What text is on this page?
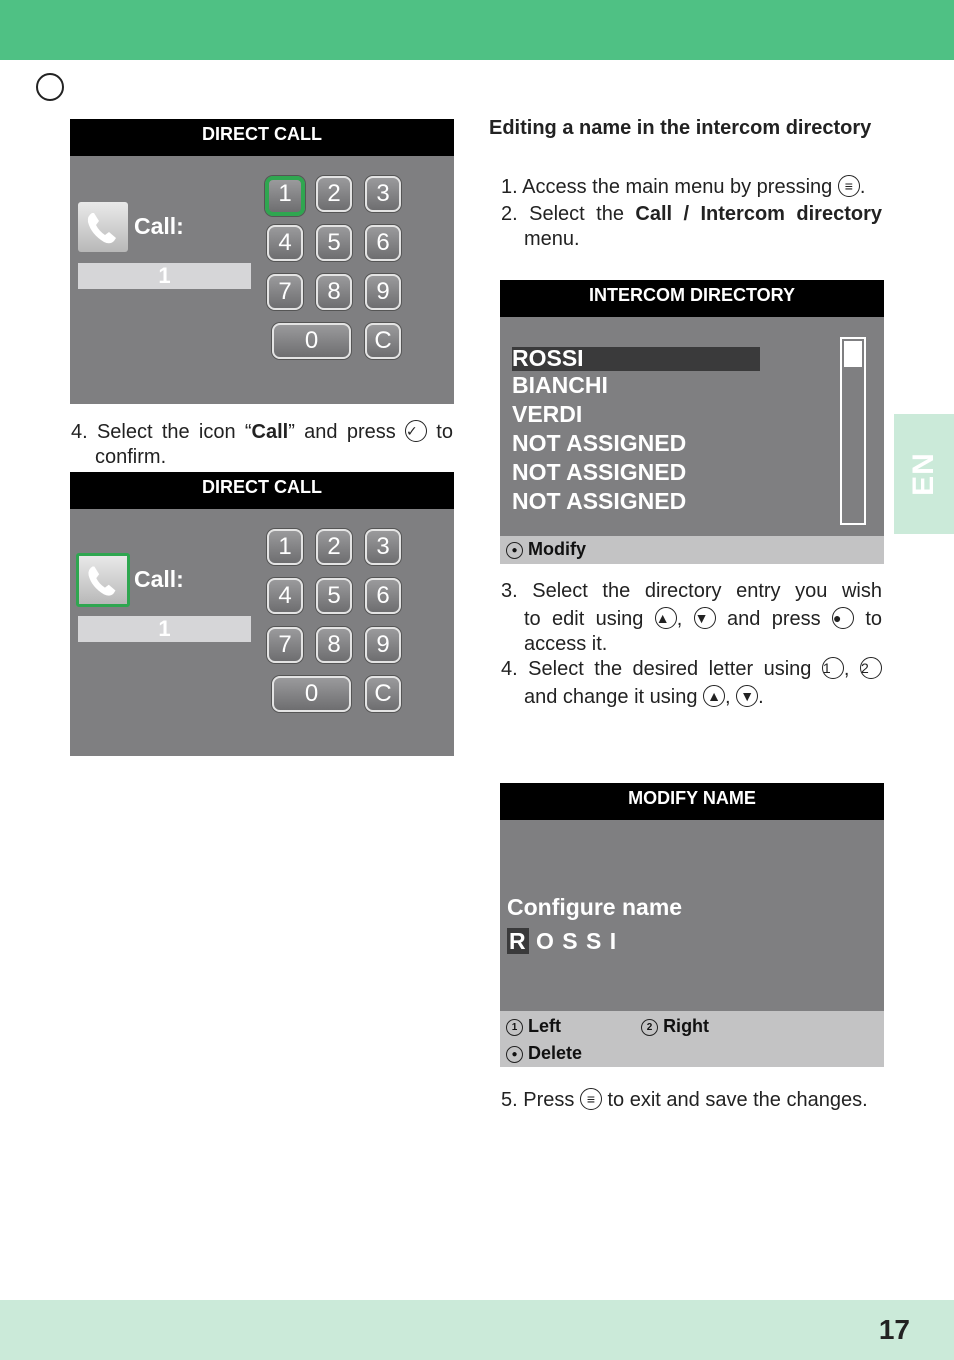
EN
DIRECT CALL
Call:
1
1	2	3
4	5	6
7	8	9
0	C
4. Select the icon “Call” and press ✓ to
confirm.
DIRECT CALL
Call:
1
1	2	3
4	5	6
7	8	9
0	C
Editing a name in the intercom directory
1. Access the main menu by pressing ≡ .
2. Select the Call / Intercom directory
menu.
INTERCOM DIRECTORY
ROSSI
BIANCHI
VERDI
NOT ASSIGNED
NOT ASSIGNED
NOT ASSIGNED
● Modify
3. Select the directory entry you wish
to edit using ▲ , ▼ and press ● to
access it.
4. Select the desired letter using 1 , 2
and change it using ▲ , ▼ .
MODIFY NAME
Configure name
R O S S I
1 Left	2 Right
● Delete
5. Press ≡ to exit and save the changes.
17
